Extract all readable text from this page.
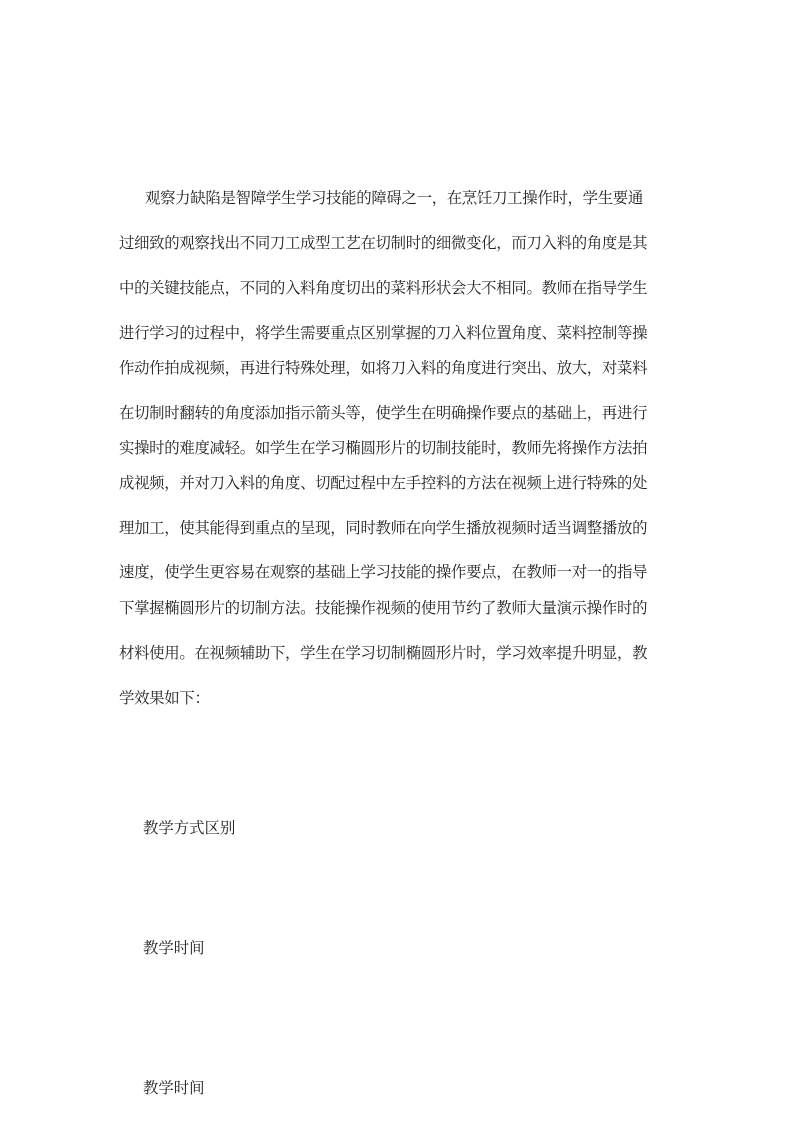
观察力缺陷是智障学生学习技能的障碍之一，在烹饪刀工操作时，学生要通
过细致的观察找出不同刀工成型工艺在切制时的细微变化，而刀入料的角度是其
中的关键技能点，不同的入料角度切出的菜料形状会大不相同。教师在指导学生
进行学习的过程中，将学生需要重点区别掌握的刀入料位置角度、菜料控制等操
作动作拍成视频，再进行特殊处理，如将刀入料的角度进行突出、放大，对菜料
在切制时翻转的角度添加指示箭头等，使学生在明确操作要点的基础上，再进行
实操时的难度减轻。如学生在学习椭圆形片的切制技能时，教师先将操作方法拍
成视频，并对刀入料的角度、切配过程中左手控料的方法在视频上进行特殊的处
理加工，使其能得到重点的呈现，同时教师在向学生播放视频时适当调整播放的
速度，使学生更容易在观察的基础上学习技能的操作要点，在教师一对一的指导
下掌握椭圆形片的切制方法。技能操作视频的使用节约了教师大量演示操作时的
材料使用。在视频辅助下，学生在学习切制椭圆形片时，学习效率提升明显，教
学效果如下：
教学方式区别
教学时间
教学时间
